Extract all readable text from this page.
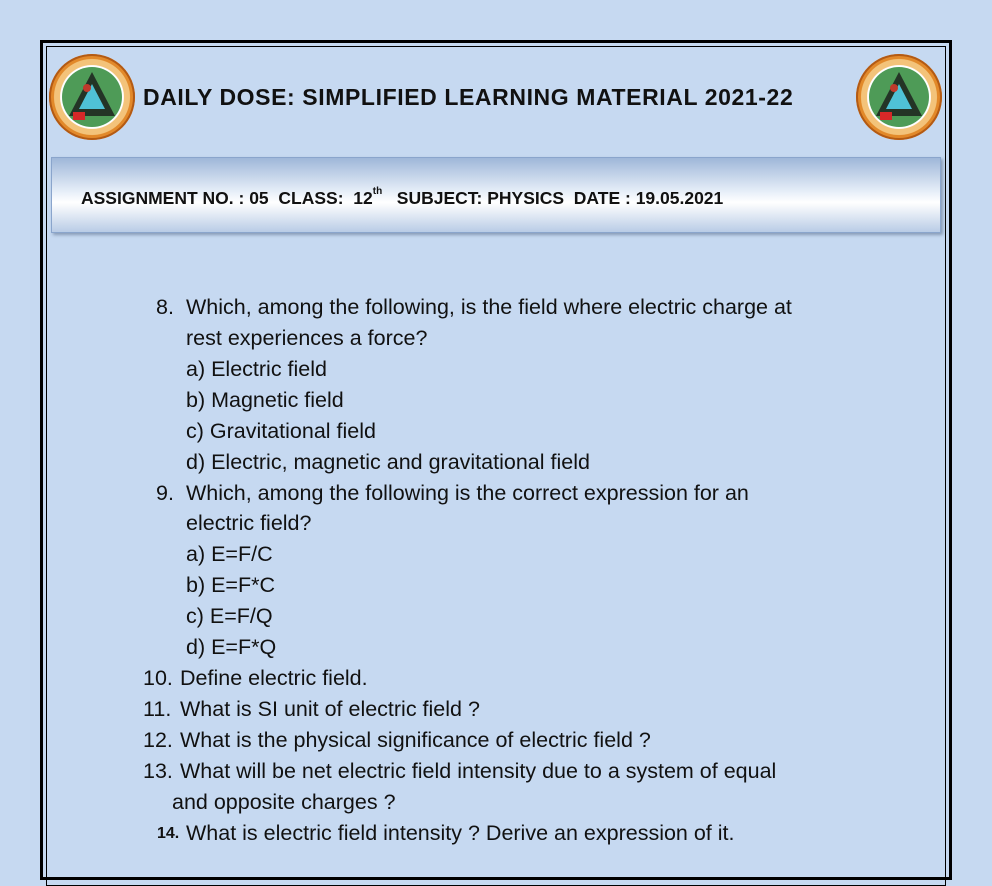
DAILY DOSE: SIMPLIFIED LEARNING MATERIAL 2021-22
ASSIGNMENT NO. : 05 CLASS: 12th SUBJECT: PHYSICS DATE : 19.05.2021
8. Which, among the following, is the field where electric charge at
rest experiences a force?
a) Electric field
b) Magnetic field
c) Gravitational field
d) Electric, magnetic and gravitational field
9. Which, among the following is the correct expression for an
electric field?
a) E=F/C
b) E=F*C
c) E=F/Q
d) E=F*Q
10. Define electric field.
11. What is SI unit of electric field ?
12. What is the physical significance of electric field ?
13. What will be net electric field intensity due to a system of equal
and opposite charges ?
14. What is electric field intensity ? Derive an expression of it.
